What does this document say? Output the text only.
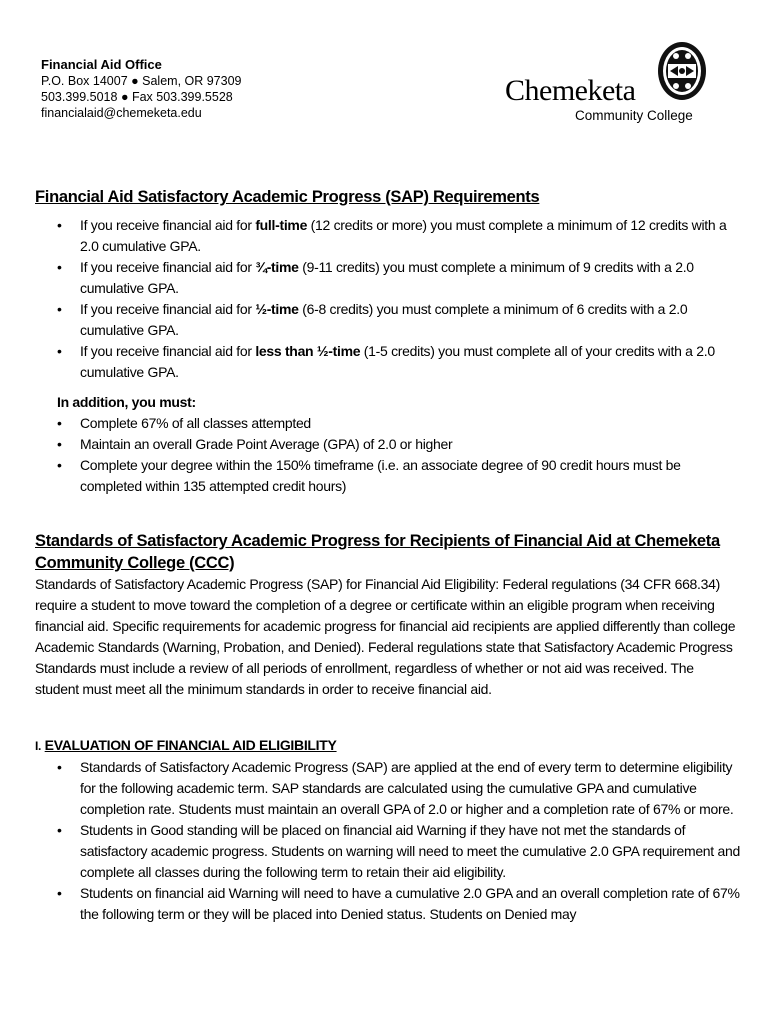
Financial Aid Office
P.O. Box 14007 ● Salem, OR 97309
503.399.5018 ● Fax 503.399.5528
financialaid@chemeketa.edu
Chemeketa
Community College
Financial Aid Satisfactory Academic Progress (SAP) Requirements
• If you receive financial aid for full-time (12 credits or more) you must complete a minimum of 12 credits with a 2.0 cumulative GPA.
• If you receive financial aid for ¾-time (9-11 credits) you must complete a minimum of 9 credits with a 2.0 cumulative GPA.
• If you receive financial aid for ½-time (6-8 credits) you must complete a minimum of 6 credits with a 2.0 cumulative GPA.
• If you receive financial aid for less than ½-time (1-5 credits) you must complete all of your credits with a 2.0 cumulative GPA.
In addition, you must:
• Complete 67% of all classes attempted
• Maintain an overall Grade Point Average (GPA) of 2.0 or higher
• Complete your degree within the 150% timeframe (i.e. an associate degree of 90 credit hours must be completed within 135 attempted credit hours)
Standards of Satisfactory Academic Progress for Recipients of Financial Aid at Chemeketa Community College (CCC)

Standards of Satisfactory Academic Progress (SAP) for Financial Aid Eligibility: Federal regulations (34 CFR 668.34) require a student to move toward the completion of a degree or certificate within an eligible program when receiving financial aid. Specific requirements for academic progress for financial aid recipients are applied differently than college Academic Standards (Warning, Probation, and Denied). Federal regulations state that Satisfactory Academic Progress Standards must include a review of all periods of enrollment, regardless of whether or not aid was received. The student must meet all the minimum standards in order to receive financial aid.

I. EVALUATION OF FINANCIAL AID ELIGIBILITY
• Standards of Satisfactory Academic Progress (SAP) are applied at the end of every term to determine eligibility for the following academic term. SAP standards are calculated using the cumulative GPA and cumulative completion rate. Students must maintain an overall GPA of 2.0 or higher and a completion rate of 67% or more.
• Students in Good standing will be placed on financial aid Warning if they have not met the standards of satisfactory academic progress. Students on warning will need to meet the cumulative 2.0 GPA requirement and complete all classes during the following term to retain their aid eligibility.
• Students on financial aid Warning will need to have a cumulative 2.0 GPA and an overall completion rate of 67% the following term or they will be placed into Denied status. Students on Denied may
